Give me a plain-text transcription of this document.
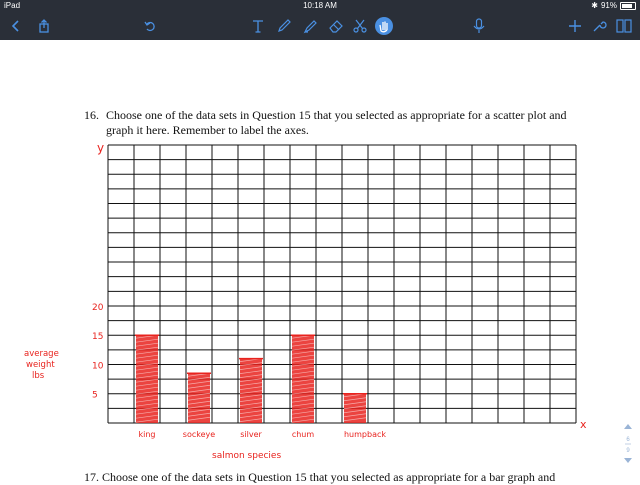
iPad	10:18 AM	✱ 91%
16. Choose one of the data sets in Question 15 that you selected as appropriate for a scatter plot and
graph it here. Remember to label the axes.
17. Choose one of the data sets in Question 15 that you selected as appropriate for a bar graph and
y
x
average
weight
lbs
salmon species
20
15
10
5
king	sockeye	silver	chum	humpback
6
9
